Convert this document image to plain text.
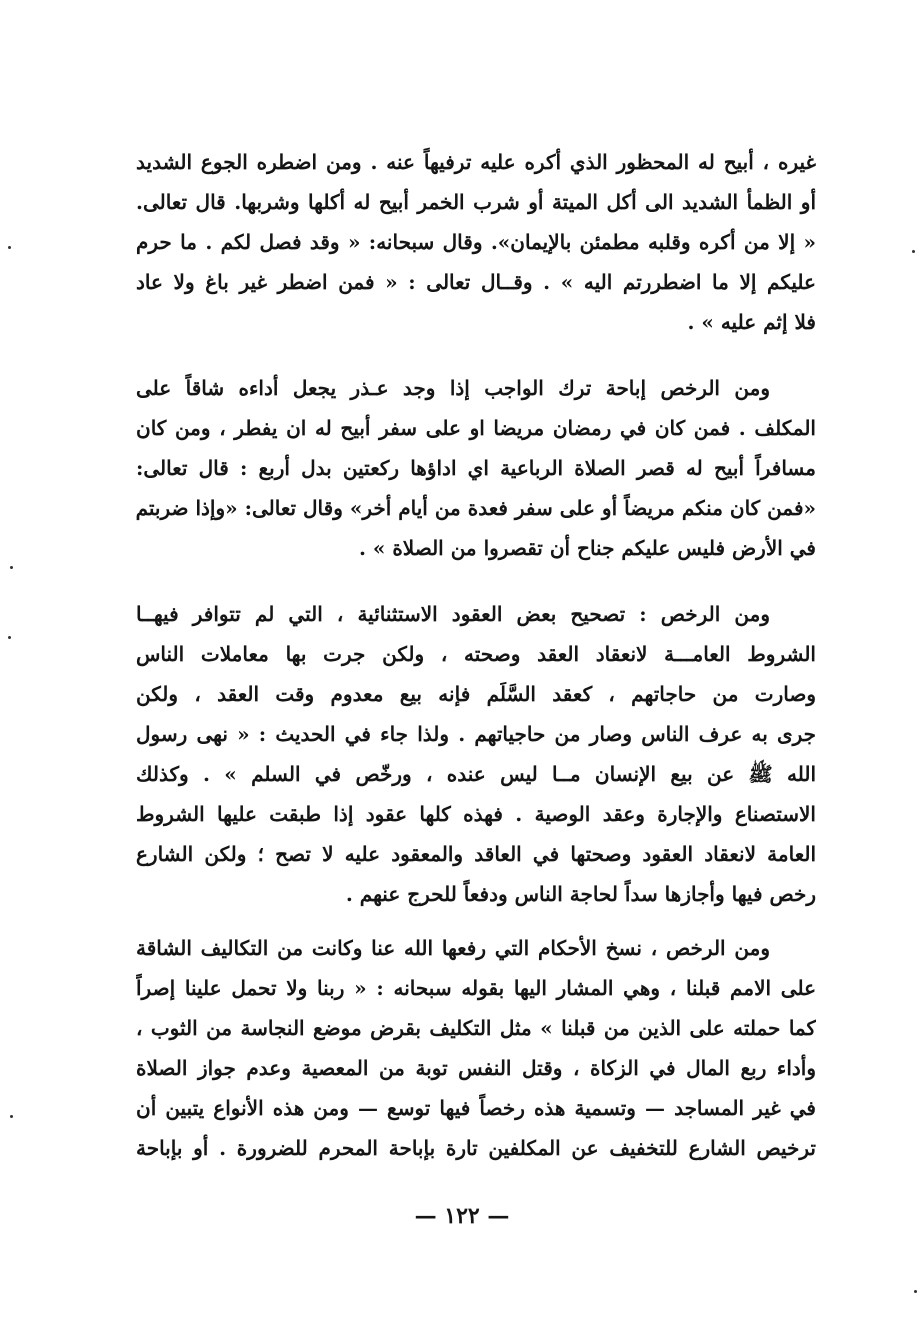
غيره ، أبيح له المحظور الذي أكره عليه ترفيهاً عنه . ومن اضطره الجوع الشديد
أو الظمأ الشديد الى أكل الميتة أو شرب الخمر أبيح له أكلها وشربها. قال تعالى.
« إلا من أكره وقلبه مطمئن بالإيمان». وقال سبحانه: « وقد فصل لكم . ما حرم
عليكم إلا ما اضطررتم اليه » . وقــال تعالى : « فمن اضطر غير باغ ولا عاد
فلا إثم عليه » .
ومن الرخص إباحة ترك الواجب إذا وجد عـذر يجعل أداءه شاقاً على
المكلف . فمن كان في رمضان مريضا او على سفر أبيح له ان يفطر ، ومن كان
مسافراً أبيح له قصر الصلاة الرباعية اي اداؤها ركعتين بدل أربع : قال تعالى:
«فمن كان منكم مريضاً أو على سفر فعدة من أيام أخر» وقال تعالى: «وإذا ضربتم
في الأرض فليس عليكم جناح أن تقصروا من الصلاة » .
ومن الرخص : تصحيح بعض العقود الاستثنائية ، التي لم تتوافر فيهــا
الشروط العامـــة لانعقاد العقد وصحته ، ولكن جرت بها معاملات الناس
وصارت من حاجاتهم ، كعقد السَّلَم فإنه بيع معدوم وقت العقد ، ولكن
جرى به عرف الناس وصار من حاجياتهم . ولذا جاء في الحديث : « نهى رسول
الله ﷺ عن بيع الإنسان مــا ليس عنده ، ورخّص في السلم » . وكذلك
الاستصناع والإجارة وعقد الوصية . فهذه كلها عقود إذا طبقت عليها الشروط
العامة لانعقاد العقود وصحتها في العاقد والمعقود عليه لا تصح ؛ ولكن الشارع
رخص فيها وأجازها سداً لحاجة الناس ودفعاً للحرج عنهم .
ومن الرخص ، نسخ الأحكام التي رفعها الله عنا وكانت من التكاليف الشاقة
على الامم قبلنا ، وهي المشار اليها بقوله سبحانه : « ربنا ولا تحمل علينا إصراً
كما حملته على الذين من قبلنا » مثل التكليف بقرض موضع النجاسة من الثوب ،
وأداء ربع المال في الزكاة ، وقتل النفس توبة من المعصية وعدم جواز الصلاة
في غير المساجد — وتسمية هذه رخصاً فيها توسع — ومن هذه الأنواع يتبين أن
ترخيص الشارع للتخفيف عن المكلفين تارة بإباحة المحرم للضرورة . أو بإباحة
— ١٢٢ —
